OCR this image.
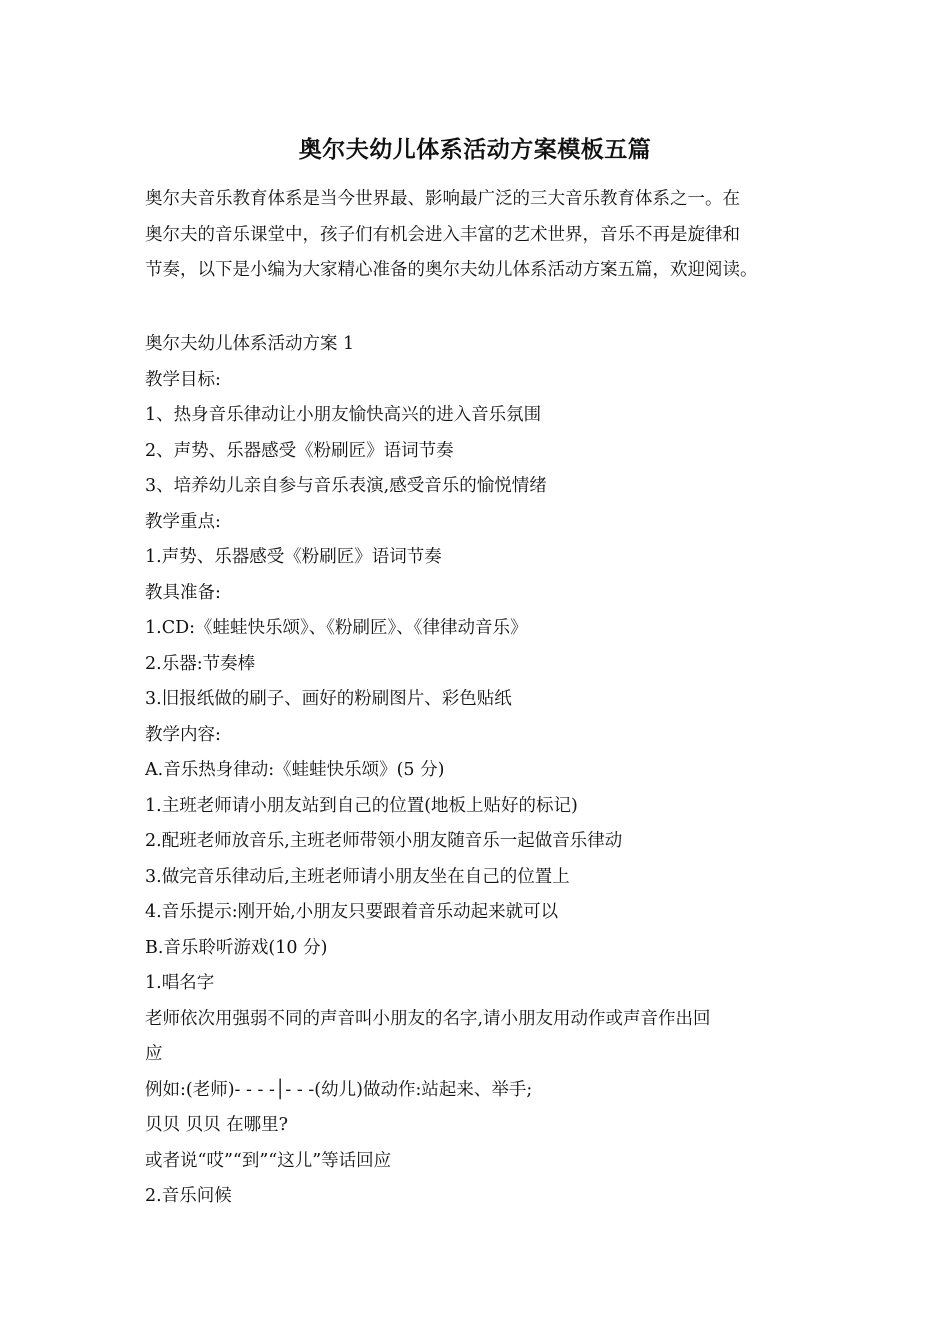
奥尔夫幼儿体系活动方案模板五篇

奥尔夫音乐教育体系是当今世界最、影响最广泛的三大音乐教育体系之一。在

奥尔夫的音乐课堂中，孩子们有机会进入丰富的艺术世界，音乐不再是旋律和

节奏，以下是小编为大家精心准备的奥尔夫幼儿体系活动方案五篇，欢迎阅读。

奥尔夫幼儿体系活动方案 1
教学目标:
1、热身音乐律动让小朋友愉快高兴的进入音乐氛围
2、声势、乐器感受《粉刷匠》语词节奏
3、培养幼儿亲自参与音乐表演,感受音乐的愉悦情绪
教学重点:
1.声势、乐器感受《粉刷匠》语词节奏
教具准备:
1.CD:《蛙蛙快乐颂》、《粉刷匠》、《律律动音乐》
2.乐器:节奏棒
3.旧报纸做的刷子、画好的粉刷图片、彩色贴纸
教学内容:
A.音乐热身律动:《蛙蛙快乐颂》(5 分)
1.主班老师请小朋友站到自己的位置(地板上贴好的标记)
2.配班老师放音乐,主班老师带领小朋友随音乐一起做音乐律动
3.做完音乐律动后,主班老师请小朋友坐在自己的位置上
4.音乐提示:刚开始,小朋友只要跟着音乐动起来就可以
B.音乐聆听游戏(10 分)
1.唱名字
老师依次用强弱不同的声音叫小朋友的名字,请小朋友用动作或声音作出回
应
例如:(老师)- - - -│- - -(幼儿)做动作:站起来、举手;
贝贝 贝贝 在哪里?
或者说“哎”“到”“这儿”等话回应
2.音乐问候
